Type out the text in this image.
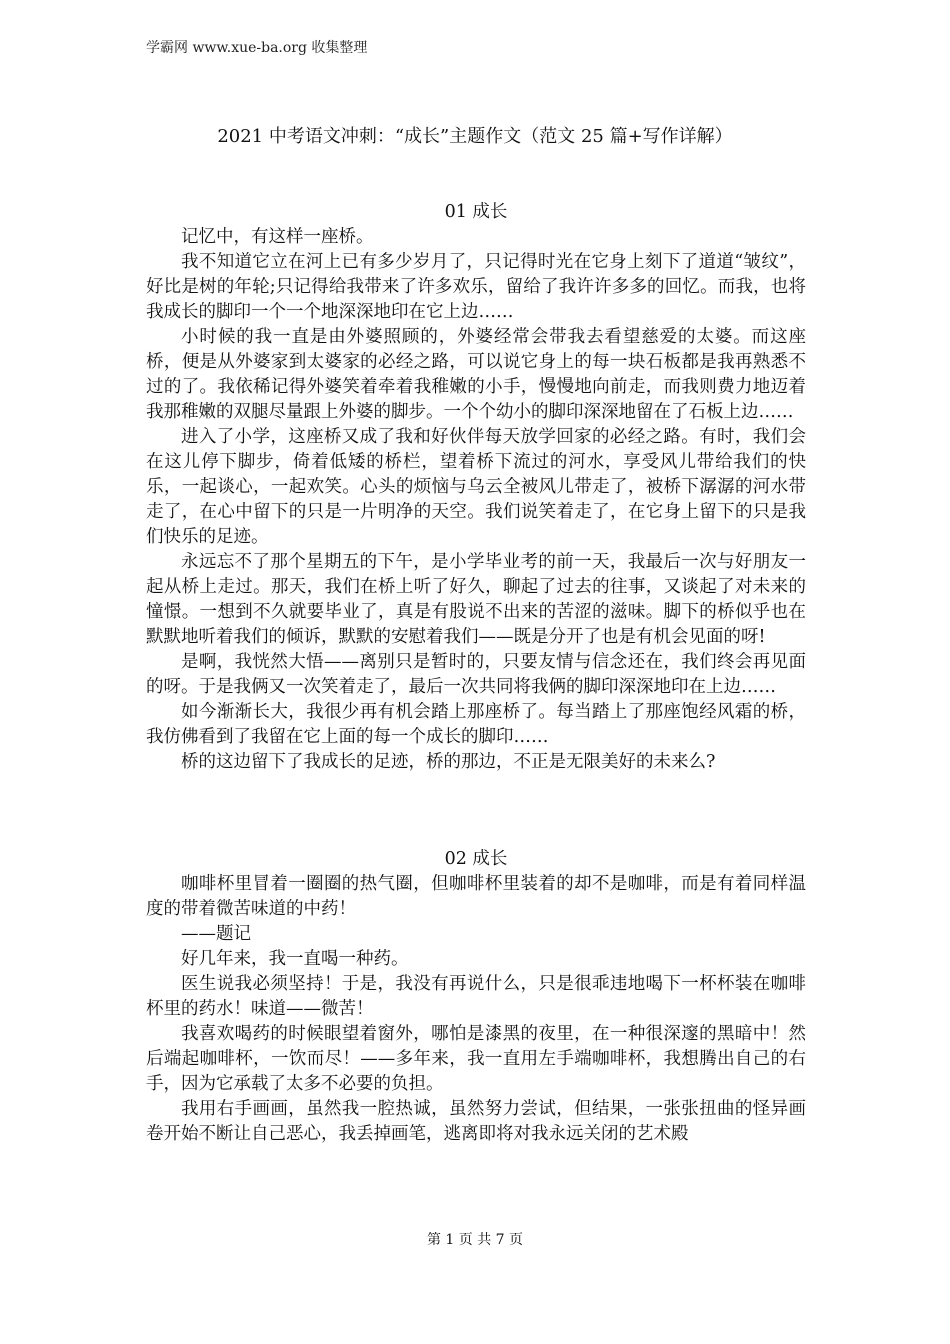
学霸网 www.xue-ba.org 收集整理
2021 中考语文冲刺：“成长”主题作文（范文 25 篇+写作详解）
01 成长

记忆中，有这样一座桥。

我不知道它立在河上已有多少岁月了，只记得时光在它身上刻下了道道“皱纹”，好比是树的年轮;只记得给我带来了许多欢乐，留给了我许许多多的回忆。而我，也将我成长的脚印一个一个地深深地印在它上边……

小时候的我一直是由外婆照顾的，外婆经常会带我去看望慈爱的太婆。而这座桥，便是从外婆家到太婆家的必经之路，可以说它身上的每一块石板都是我再熟悉不过的了。我依稀记得外婆笑着牵着我稚嫩的小手，慢慢地向前走，而我则费力地迈着我那稚嫩的双腿尽量跟上外婆的脚步。一个个幼小的脚印深深地留在了石板上边……

进入了小学，这座桥又成了我和好伙伴每天放学回家的必经之路。有时，我们会在这儿停下脚步，倚着低矮的桥栏，望着桥下流过的河水，享受风儿带给我们的快乐，一起谈心，一起欢笑。心头的烦恼与乌云全被风儿带走了，被桥下潺潺的河水带走了，在心中留下的只是一片明净的天空。我们说笑着走了，在它身上留下的只是我们快乐的足迹。

永远忘不了那个星期五的下午，是小学毕业考的前一天，我最后一次与好朋友一起从桥上走过。那天，我们在桥上听了好久，聊起了过去的往事，又谈起了对未来的憧憬。一想到不久就要毕业了，真是有股说不出来的苦涩的滋味。脚下的桥似乎也在默默地听着我们的倾诉，默默的安慰着我们——既是分开了也是有机会见面的呀!

是啊，我恍然大悟——离别只是暂时的，只要友情与信念还在，我们终会再见面的呀。于是我俩又一次笑着走了，最后一次共同将我俩的脚印深深地印在上边……

如今渐渐长大，我很少再有机会踏上那座桥了。每当踏上了那座饱经风霜的桥，我仿佛看到了我留在它上面的每一个成长的脚印……

桥的这边留下了我成长的足迹，桥的那边，不正是无限美好的未来么?

02 成长

咖啡杯里冒着一圈圈的热气圈，但咖啡杯里装着的却不是咖啡，而是有着同样温度的带着微苦味道的中药！

——题记

好几年来，我一直喝一种药。

医生说我必须坚持！于是，我没有再说什么，只是很乖违地喝下一杯杯装在咖啡杯里的药水！味道——微苦！

我喜欢喝药的时候眼望着窗外，哪怕是漆黑的夜里，在一种很深邃的黑暗中！然后端起咖啡杯，一饮而尽！——多年来，我一直用左手端咖啡杯，我想腾出自己的右手，因为它承载了太多不必要的负担。

我用右手画画，虽然我一腔热诚，虽然努力尝试，但结果，一张张扭曲的怪异画卷开始不断让自己恶心，我丢掉画笔，逃离即将对我永远关闭的艺术殿

第 1 页 共 7 页
